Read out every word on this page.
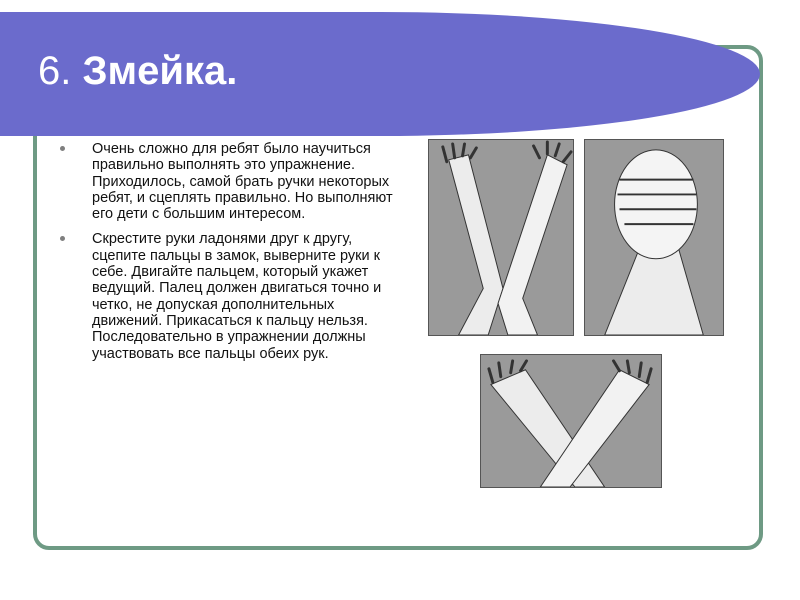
6. Змейка.
Очень сложно для ребят было научиться правильно выполнять это упражнение. Приходилось, самой брать ручки некоторых ребят, и сцеплять правильно. Но выполняют его дети с большим интересом.
Скрестите руки ладонями друг к другу, сцепите пальцы в замок, выверните руки к себе. Двигайте пальцем, который укажет ведущий. Палец должен двигаться точно и четко, не допуская дополнительных движений. Прикасаться к пальцу нельзя. Последовательно в упражнении должны участвовать все пальцы обеих рук.
